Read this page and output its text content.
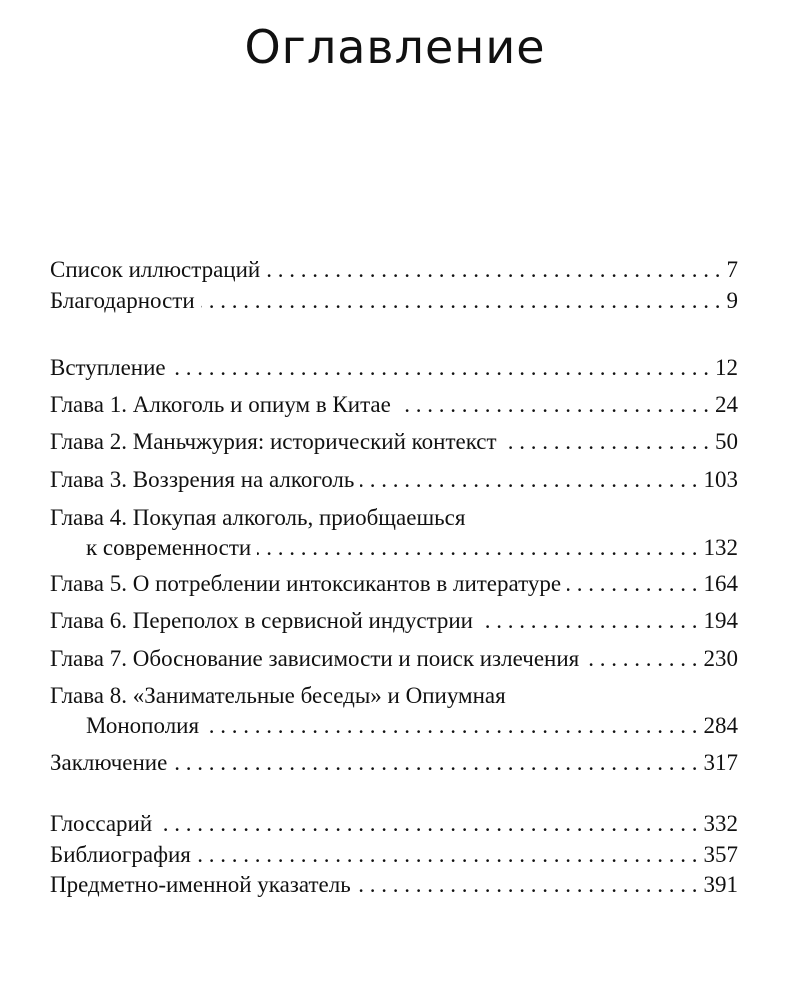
Оглавление
Список иллюстраций . . .	7
Благодарности . . .	9
Вступление . . .	12
Глава 1. Алкоголь и опиум в Китае . . .	24
Глава 2. Маньчжурия: исторический контекст . . .	50
Глава 3. Воззрения на алкоголь . . .	103
Глава 4. Покупая алкоголь, приобщаешься
к современности . . .	132
Глава 5. О потреблении интоксикантов в литературе . . .	164
Глава 6. Переполох в сервисной индустрии . . .	194
Глава 7. Обоснование зависимости и поиск излечения . . .	230
Глава 8. «Занимательные беседы» и Опиумная
Монополия . . .	284
Заключение . . .	317
Глоссарий . . .	332
Библиография . . .	357
Предметно-именной указатель . . .	391
